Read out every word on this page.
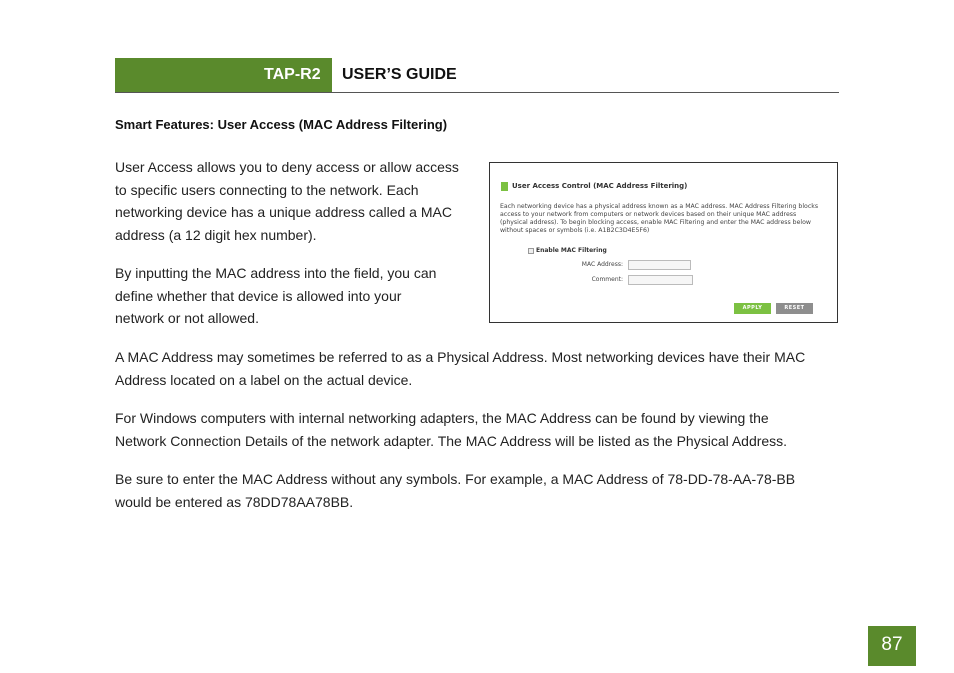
TAP-R2 USER’S GUIDE
Smart Features: User Access (MAC Address Filtering)
User Access allows you to deny access or allow access
to specific users connecting to the network. Each
networking device has a unique address called a MAC
address (a 12 digit hex number).
By inputting the MAC address into the field, you can
define whether that device is allowed into your
network or not allowed.
User Access Control (MAC Address Filtering)
Each networking device has a physical address known as a MAC address. MAC Address Filtering blocks
access to your network from computers or network devices based on their unique MAC address
(physical address). To begin blocking access, enable MAC Filtering and enter the MAC address below
without spaces or symbols (i.e. A1B2C3D4E5F6)
Enable MAC Filtering
MAC Address:
Comment:
APPLY	RESET
A MAC Address may sometimes be referred to as a Physical Address. Most networking devices have their MAC
Address located on a label on the actual device.
For Windows computers with internal networking adapters, the MAC Address can be found by viewing the
Network Connection Details of the network adapter. The MAC Address will be listed as the Physical Address.
Be sure to enter the MAC Address without any symbols. For example, a MAC Address of 78-DD-78-AA-78-BB
would be entered as 78DD78AA78BB.
87
